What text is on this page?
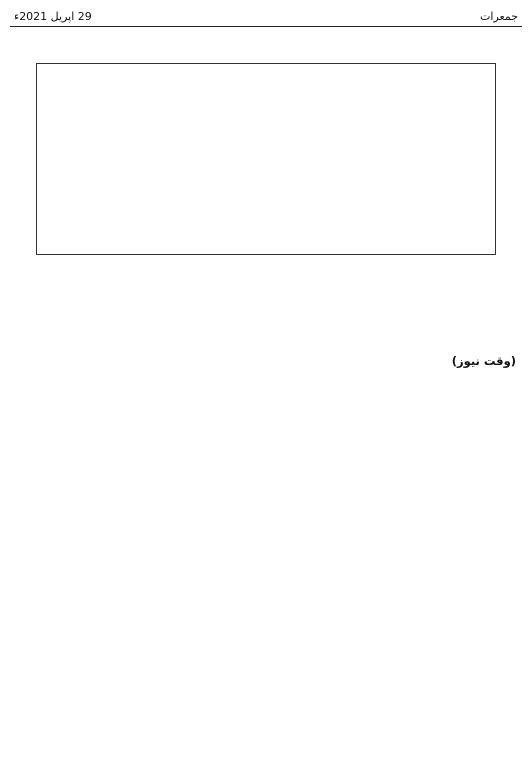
جمعرات
29 اپریل 2021ء
(وقت نیوز)
